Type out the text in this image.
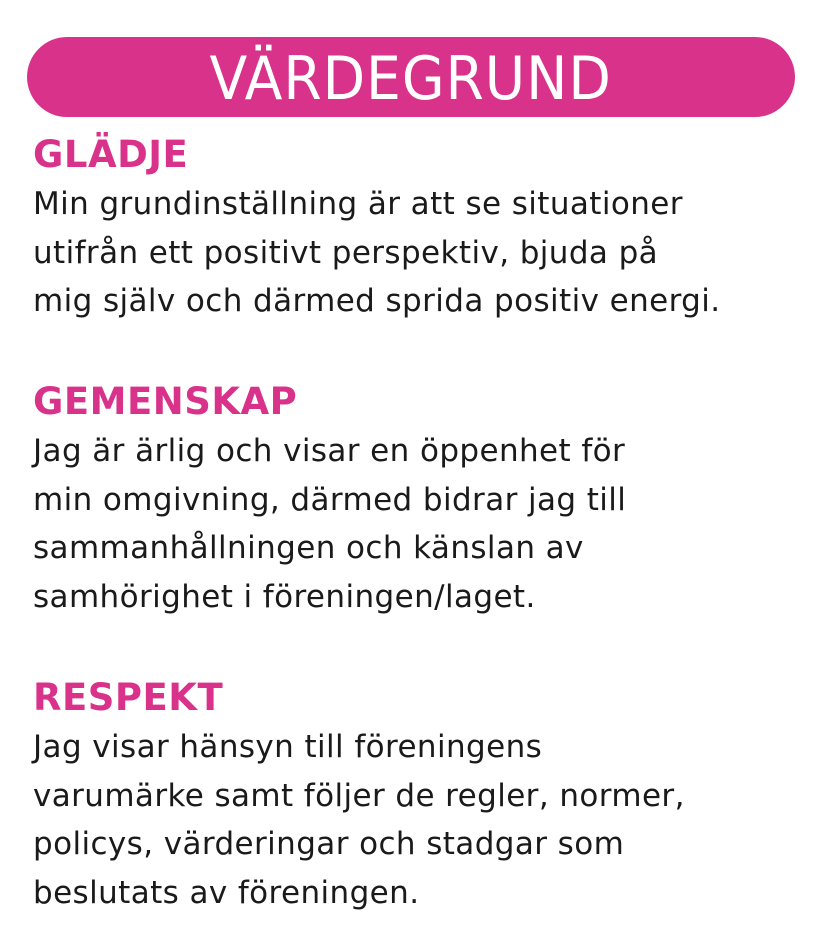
VÄRDEGRUND

GLÄDJE

Min grundinställning är att se situationer

utifrån ett positivt perspektiv, bjuda på

mig själv och därmed sprida positiv energi.

GEMENSKAP

Jag är ärlig och visar en öppenhet för

min omgivning, därmed bidrar jag till

sammanhållningen och känslan av

samhörighet i föreningen/laget.

RESPEKT

Jag visar hänsyn till föreningens

varumärke samt följer de regler, normer,

policys, värderingar och stadgar som

beslutats av föreningen.
